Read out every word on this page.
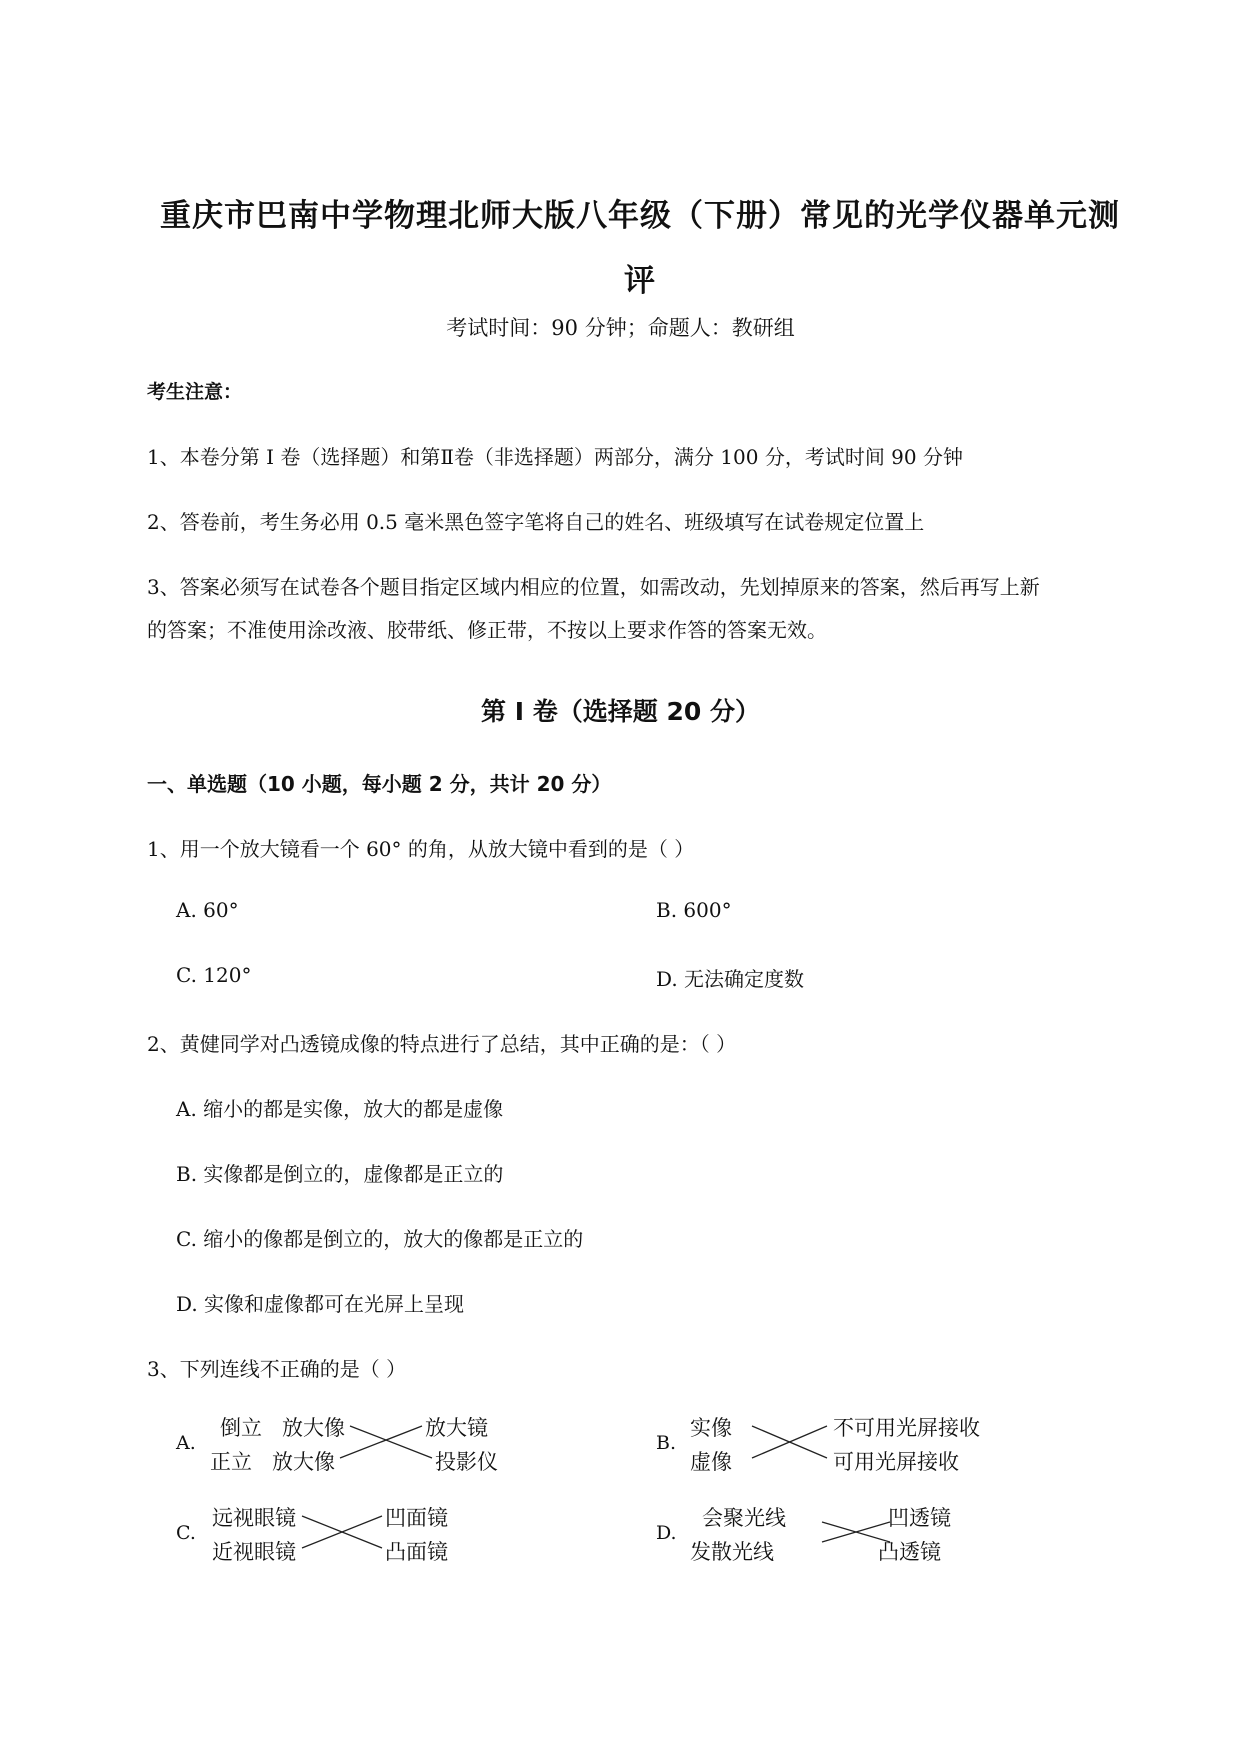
重庆市巴南中学物理北师大版八年级（下册）常见的光学仪器单元测
评
考试时间：90 分钟；命题人：教研组
考生注意：
1、本卷分第 I 卷（选择题）和第Ⅱ卷（非选择题）两部分，满分 100 分，考试时间 90 分钟
2、答卷前，考生务必用 0.5 毫米黑色签字笔将自己的姓名、班级填写在试卷规定位置上
3、答案必须写在试卷各个题目指定区域内相应的位置，如需改动，先划掉原来的答案，然后再写上新
的答案；不准使用涂改液、胶带纸、修正带，不按以上要求作答的答案无效。
第 I 卷（选择题 20 分）
一、单选题（10 小题，每小题 2 分，共计 20 分）
1、用一个放大镜看一个 60° 的角，从放大镜中看到的是（ ）
A. 60°	B. 600°
C. 120°	D. 无法确定度数
2、黄健同学对凸透镜成像的特点进行了总结，其中正确的是：（ ）
A. 缩小的都是实像，放大的都是虚像
B. 实像都是倒立的，虚像都是正立的
C. 缩小的像都是倒立的，放大的像都是正立的
D. 实像和虚像都可在光屏上呈现
3、下列连线不正确的是（ ）
A.
倒立 放大像
正立 放大像
放大镜
投影仪
B.
实像
虚像
不可用光屏接收
可用光屏接收
C.
远视眼镜
近视眼镜
凹面镜
凸面镜
D.
会聚光线
发散光线
凹透镜
凸透镜
